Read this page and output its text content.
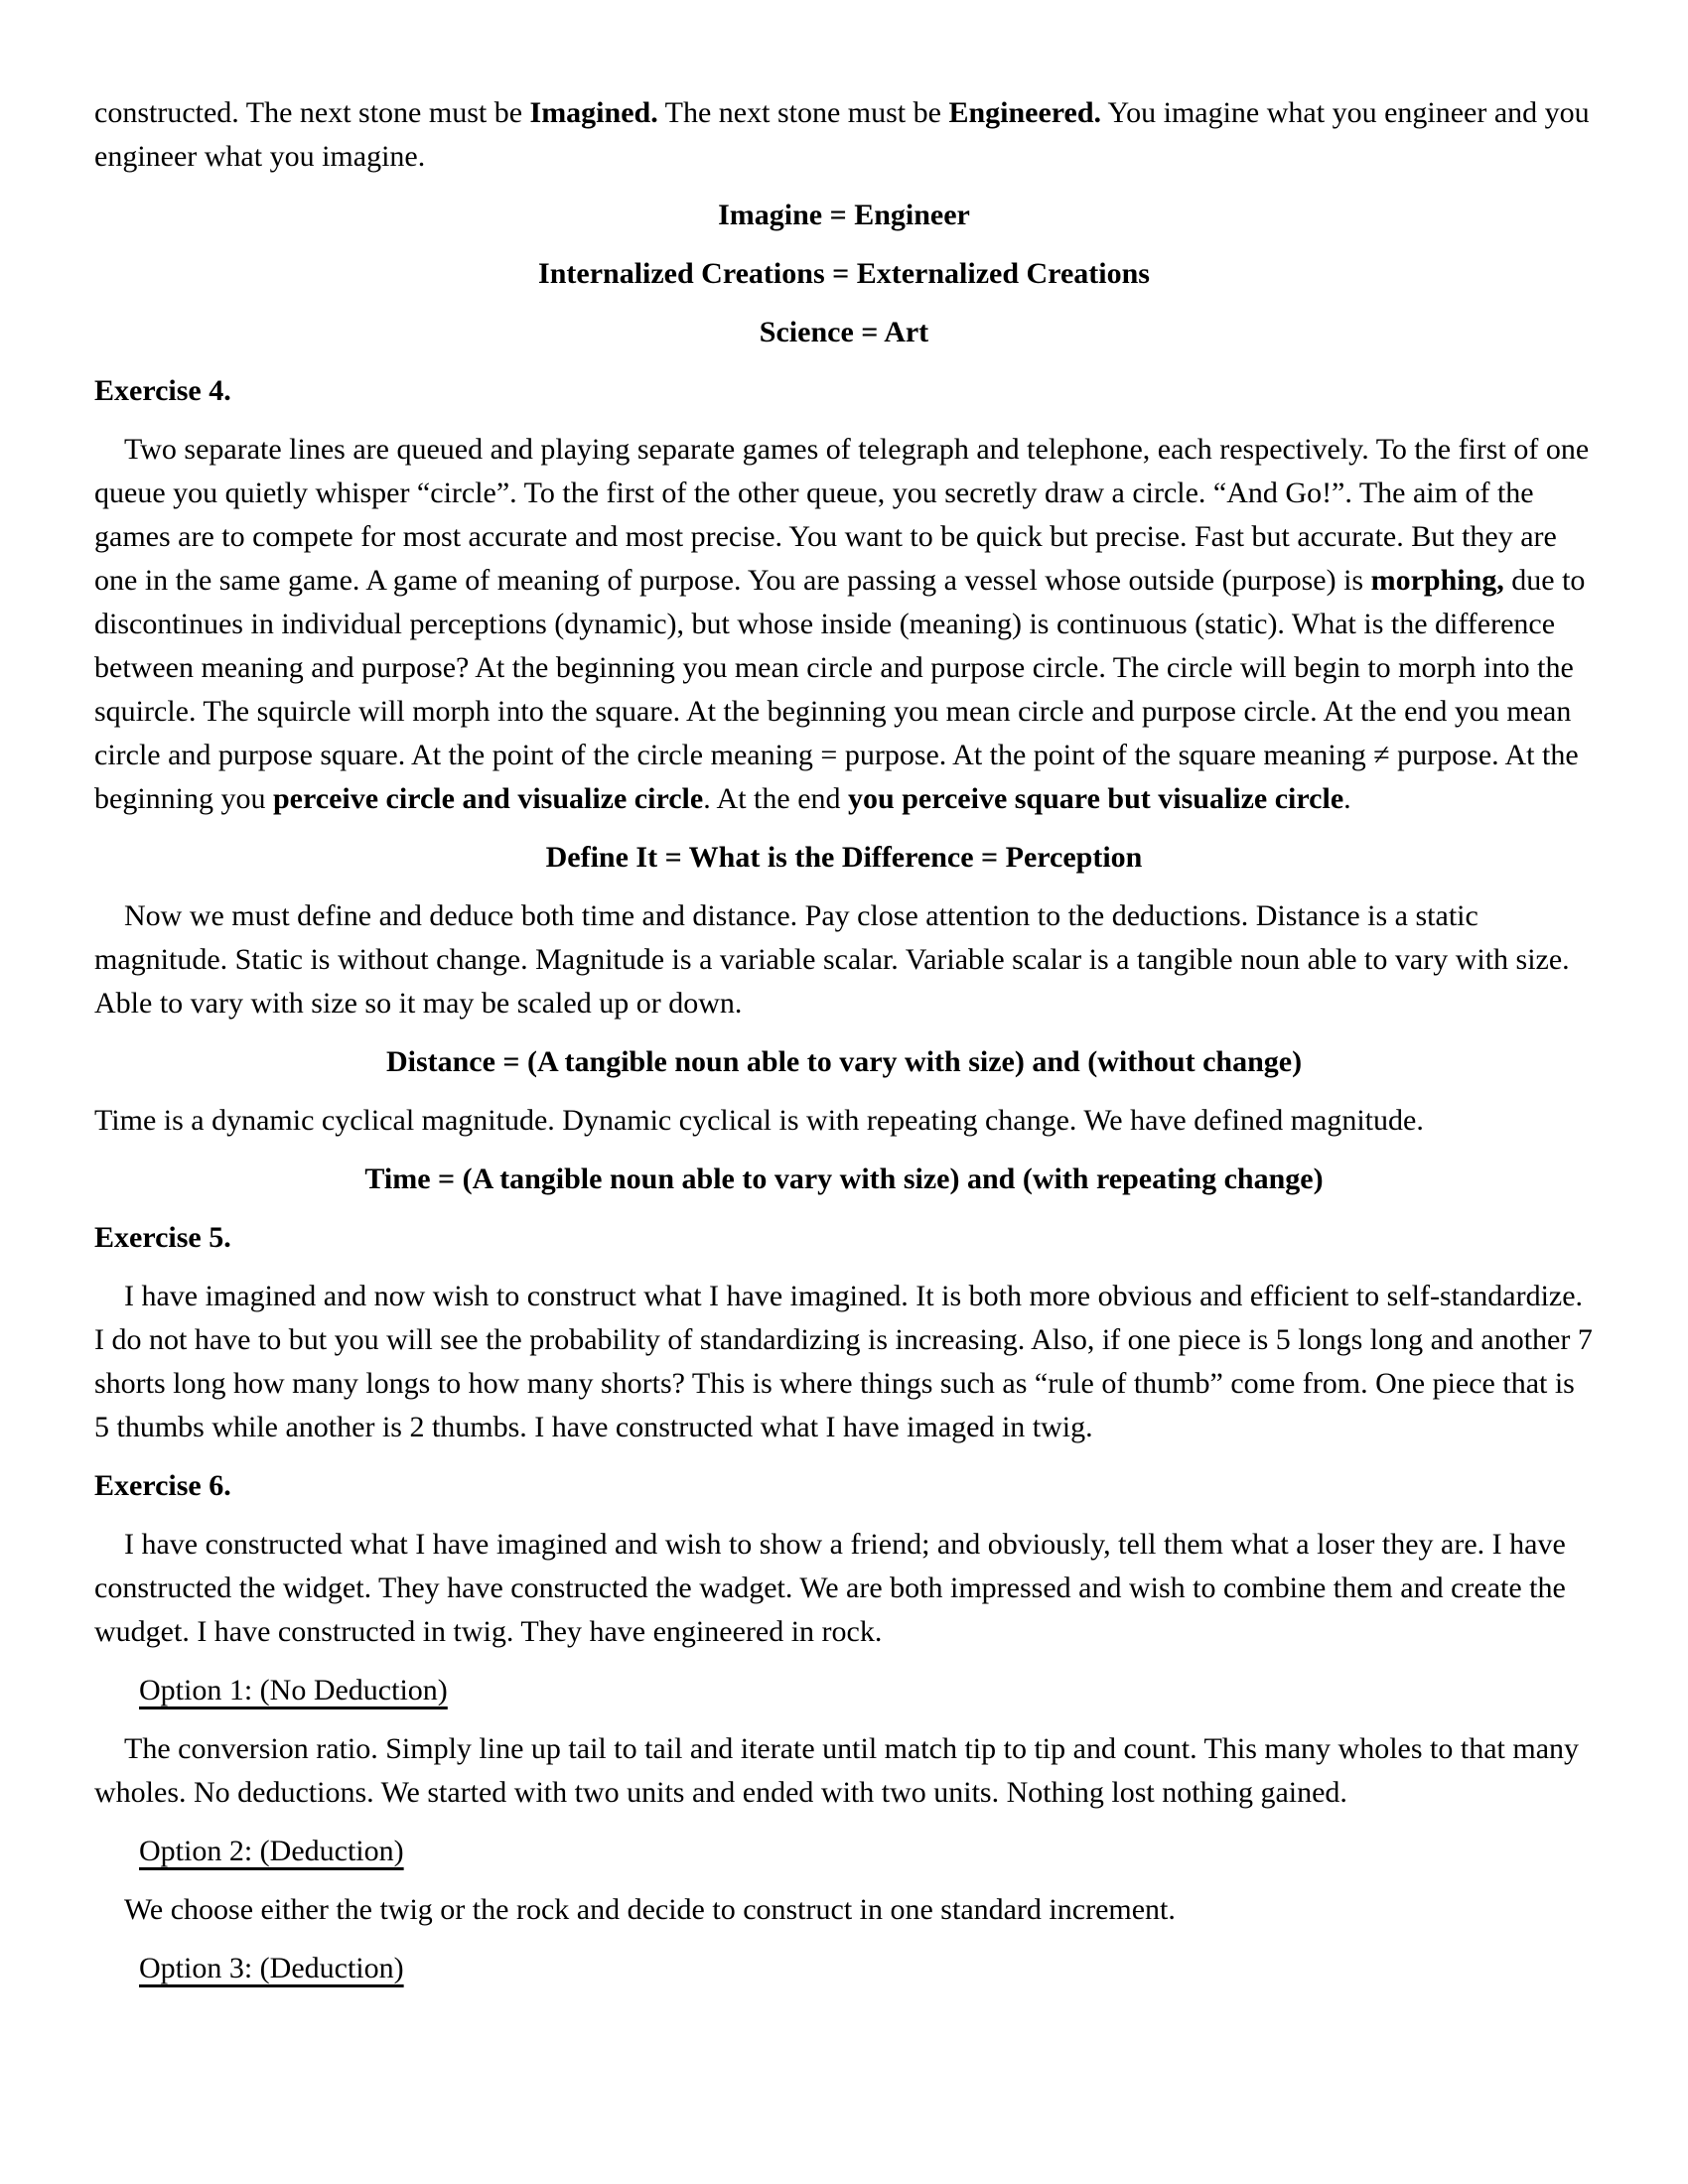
constructed. The next stone must be Imagined. The next stone must be Engineered. You imagine what you engineer and you engineer what you imagine.

Imagine = Engineer

Internalized Creations = Externalized Creations

Science = Art

Exercise 4.

Two separate lines are queued and playing separate games of telegraph and telephone, each respectively. To the first of one queue you quietly whisper “circle”. To the first of the other queue, you secretly draw a circle. “And Go!”. The aim of the games are to compete for most accurate and most precise. You want to be quick but precise. Fast but accurate. But they are one in the same game. A game of meaning of purpose. You are passing a vessel whose outside (purpose) is morphing, due to discontinues in individual perceptions (dynamic), but whose inside (meaning) is continuous (static). What is the difference between meaning and purpose? At the beginning you mean circle and purpose circle. The circle will begin to morph into the squircle. The squircle will morph into the square. At the beginning you mean circle and purpose circle. At the end you mean circle and purpose square. At the point of the circle meaning = purpose. At the point of the square meaning ≠ purpose. At the beginning you perceive circle and visualize circle. At the end you perceive square but visualize circle.

Define It = What is the Difference = Perception

Now we must define and deduce both time and distance. Pay close attention to the deductions. Distance is a static magnitude. Static is without change. Magnitude is a variable scalar. Variable scalar is a tangible noun able to vary with size. Able to vary with size so it may be scaled up or down.

Distance = (A tangible noun able to vary with size) and (without change)

Time is a dynamic cyclical magnitude. Dynamic cyclical is with repeating change. We have defined magnitude.

Time = (A tangible noun able to vary with size) and (with repeating change)

Exercise 5.

I have imagined and now wish to construct what I have imagined. It is both more obvious and efficient to self-standardize. I do not have to but you will see the probability of standardizing is increasing. Also, if one piece is 5 longs long and another 7 shorts long how many longs to how many shorts? This is where things such as “rule of thumb” come from. One piece that is 5 thumbs while another is 2 thumbs. I have constructed what I have imaged in twig.

Exercise 6.

I have constructed what I have imagined and wish to show a friend; and obviously, tell them what a loser they are. I have constructed the widget. They have constructed the wadget. We are both impressed and wish to combine them and create the wudget. I have constructed in twig. They have engineered in rock.

Option 1: (No Deduction)

The conversion ratio. Simply line up tail to tail and iterate until match tip to tip and count. This many wholes to that many wholes. No deductions. We started with two units and ended with two units. Nothing lost nothing gained.

Option 2: (Deduction)

We choose either the twig or the rock and decide to construct in one standard increment.

Option 3: (Deduction)
